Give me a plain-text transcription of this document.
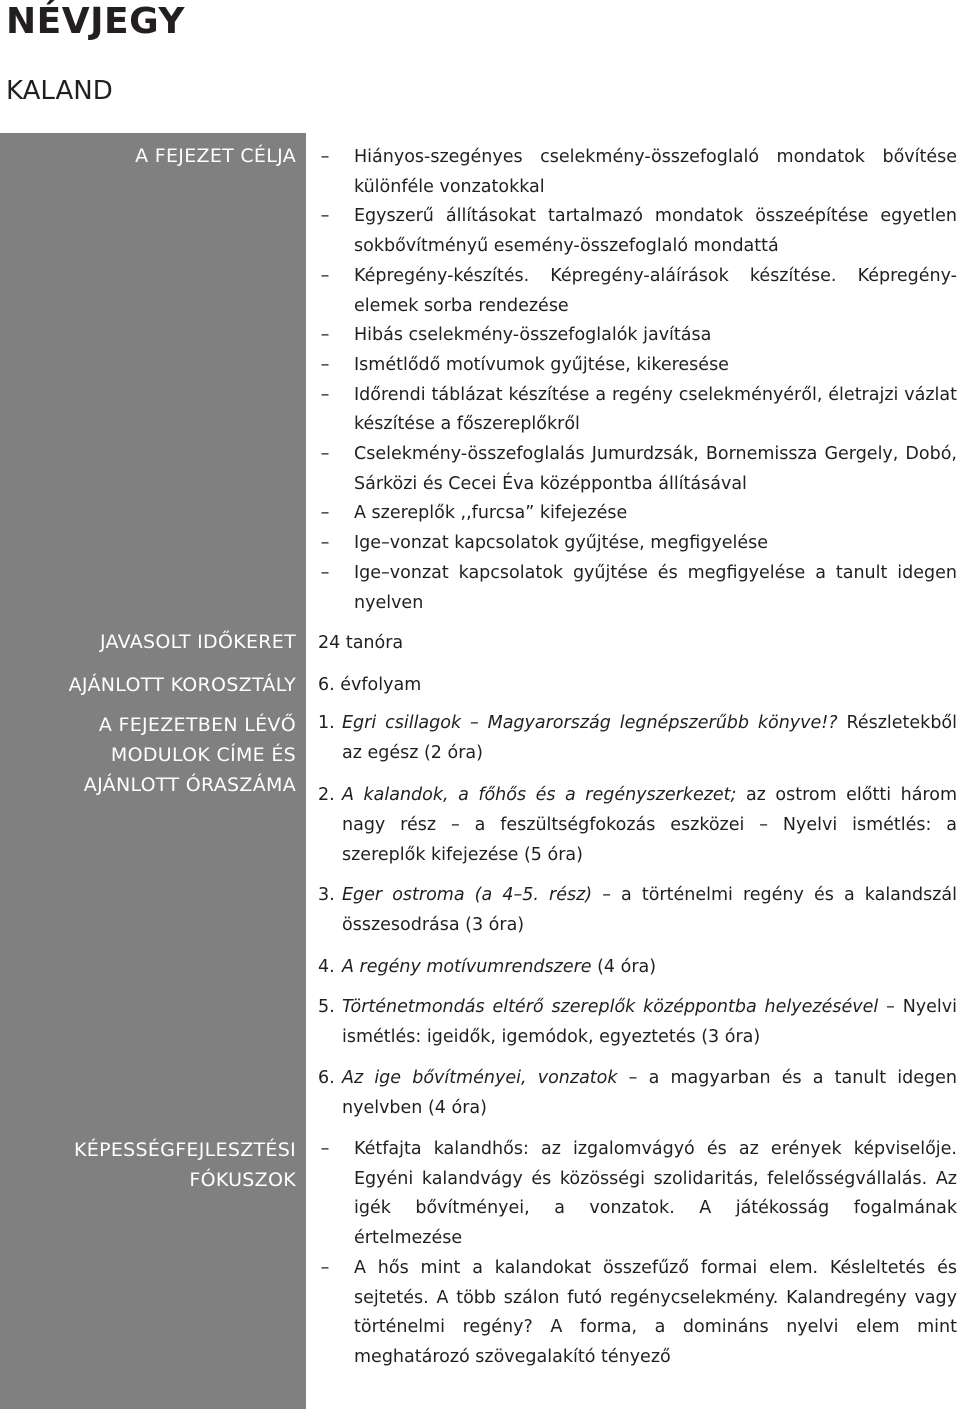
NÉVJEGY
KALAND
A FEJEZET CÉLJA
JAVASOLT IDŐKERET
AJÁNLOTT KOROSZTÁLY
A FEJEZETBEN LÉVŐ
MODULOK CÍME ÉS
AJÁNLOTT ÓRASZÁMA
KÉPESSÉGFEJLESZTÉSI
FÓKUSZOK
– Hiányos-szegényes cselekmény-összefoglaló mondatok bővítése különféle vonzatokkal
– Egyszerű állításokat tartalmazó mondatok összeépítése egyetlen sokbővítményű esemény-összefoglaló mondattá
– Képregény-készítés. Képregény-aláírások készítése. Képregény-elemek sorba rendezése
– Hibás cselekmény-összefoglalók javítása
– Ismétlődő motívumok gyűjtése, kikeresése
– Időrendi táblázat készítése a regény cselekményéről, életrajzi vázlat készítése a főszereplőkről
– Cselekmény-összefoglalás Jumurdzsák, Bornemissza Gergely, Dobó, Sárközi és Cecei Éva középpontba állításával
– A szereplők ,,furcsa” kifejezése
– Ige–vonzat kapcsolatok gyűjtése, megfigyelése
– Ige–vonzat kapcsolatok gyűjtése és megfigyelése a tanult idegen nyelven
24 tanóra
6. évfolyam
1. Egri csillagok – Magyarország legnépszerűbb könyve!? Részletekből az egész (2 óra)
2. A kalandok, a főhős és a regényszerkezet; az ostrom előtti három nagy rész – a feszültségfokozás eszközei – Nyelvi ismétlés: a szereplők kifejezése (5 óra)
3. Eger ostroma (a 4–5. rész) – a történelmi regény és a kalandszál összesodrása (3 óra)
4. A regény motívumrendszere (4 óra)
5. Történetmondás eltérő szereplők középpontba helyezésével – Nyelvi ismétlés: igeidők, igemódok, egyeztetés (3 óra)
6. Az ige bővítményei, vonzatok – a magyarban és a tanult idegen nyelvben (4 óra)
– Kétfajta kalandhős: az izgalomvágyó és az erények képviselője. Egyéni kalandvágy és közösségi szolidaritás, felelősségvállalás. Az igék bővítményei, a vonzatok. A játékosság fogalmának értelmezése
– A hős mint a kalandokat összefűző formai elem. Késleltetés és sejtetés. A több szálon futó regénycselekmény. Kalandregény vagy történelmi regény? A forma, a domináns nyelvi elem mint meghatározó szövegalakító tényező
